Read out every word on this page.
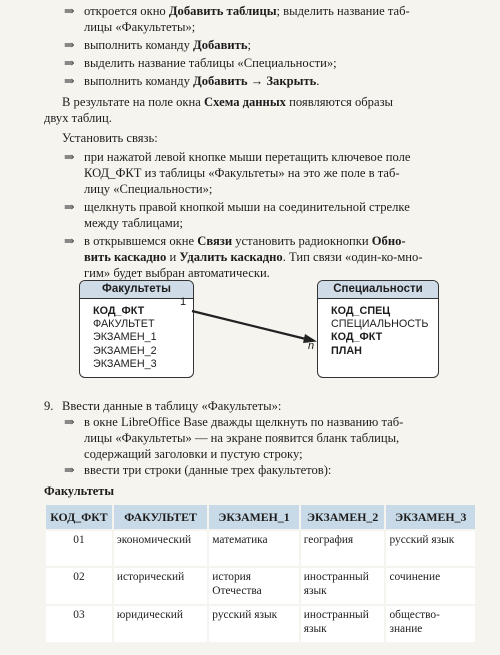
⇒ откроется окно Добавить таблицы; выделить название таб-
лицы «Факультеты»;
⇒ выполнить команду Добавить;
⇒ выделить название таблицы «Специальности»;
⇒ выполнить команду Добавить → Закрыть.
В результате на поле окна Схема данных появляются образы
двух таблиц.
Установить связь:
⇒ при нажатой левой кнопке мыши перетащить ключевое поле
КОД_ФКТ из таблицы «Факультеты» на это же поле в таб-
лицу «Специальности»;
⇒ щелкнуть правой кнопкой мыши на соединительной стрелке
между таблицами;
⇒ в открывшемся окне Связи установить радиокнопки Обно-
вить каскадно и Удалить каскадно. Тип связи «один-ко-мно-
гим» будет выбран автоматически.
Факультеты
КОД_ФКТ
ФАКУЛЬТЕТ
ЭКЗАМЕН_1
ЭКЗАМЕН_2
ЭКЗАМЕН_3
Специальности
КОД_СПЕЦ
СПЕЦИАЛЬНОСТЬ
КОД_ФКТ
ПЛАН
1
n
9. Ввести данные в таблицу «Факультеты»:
⇒ в окне LibreOffice Base дважды щелкнуть по названию таб-
лицы «Факультеты» — на экране появится бланк таблицы,
содержащий заголовки и пустую строку;
⇒ ввести три строки (данные трех факультетов):
Факультеты
КОД_ФКТ	ФАКУЛЬТЕТ	ЭКЗАМЕН_1	ЭКЗАМЕН_2	ЭКЗАМЕН_3
01	экономический	математика	география	русский язык
02	исторический	история Отечества	иностранный язык	сочинение
03	юридический	русский язык	иностранный язык	общество-знание
